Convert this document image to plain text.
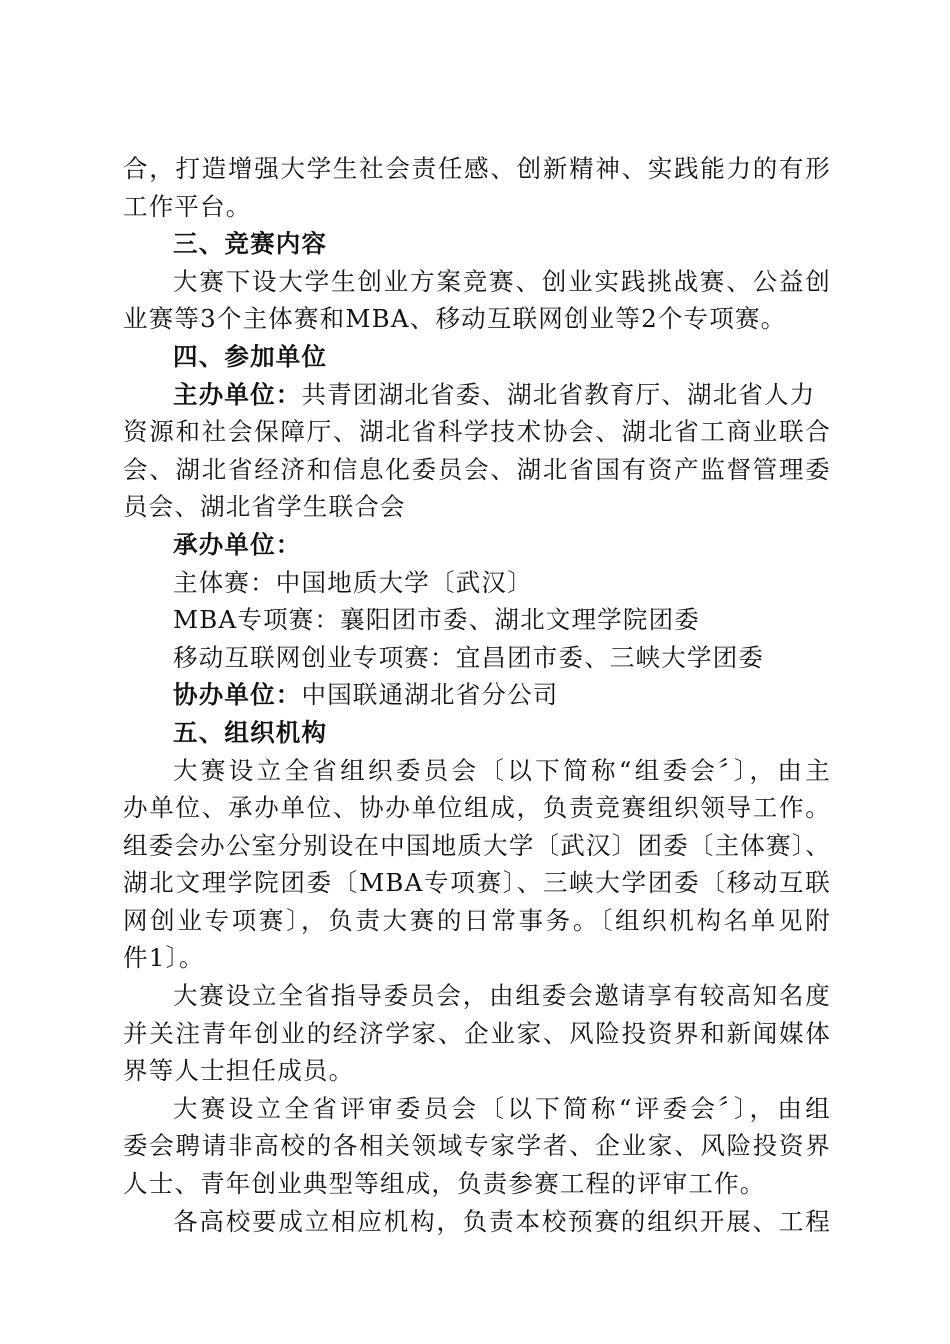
合，打造增强大学生社会责任感、创新精神、实践能力的有形
工作平台。
三、竞赛内容
大赛下设大学生创业方案竞赛、创业实践挑战赛、公益创
业赛等3个主体赛和MBA、移动互联网创业等2个专项赛。
四、参加单位
主办单位：共青团湖北省委、湖北省教育厅、湖北省人力
资源和社会保障厅、湖北省科学技术协会、湖北省工商业联合
会、湖北省经济和信息化委员会、湖北省国有资产监督管理委
员会、湖北省学生联合会
承办单位：
主体赛：中国地质大学〔武汉〕
MBA专项赛：襄阳团市委、湖北文理学院团委
移动互联网创业专项赛：宜昌团市委、三峡大学团委
协办单位：中国联通湖北省分公司
五、组织机构
大赛设立全省组织委员会〔以下简称“组委会〞〕，由主
办单位、承办单位、协办单位组成，负责竞赛组织领导工作。
组委会办公室分别设在中国地质大学〔武汉〕团委〔主体赛〕、
湖北文理学院团委〔MBA专项赛〕、三峡大学团委〔移动互联
网创业专项赛〕，负责大赛的日常事务。〔组织机构名单见附
件1〕。
大赛设立全省指导委员会，由组委会邀请享有较高知名度
并关注青年创业的经济学家、企业家、风险投资界和新闻媒体
界等人士担任成员。
大赛设立全省评审委员会〔以下简称“评委会〞〕，由组
委会聘请非高校的各相关领域专家学者、企业家、风险投资界
人士、青年创业典型等组成，负责参赛工程的评审工作。
各高校要成立相应机构，负责本校预赛的组织开展、工程
